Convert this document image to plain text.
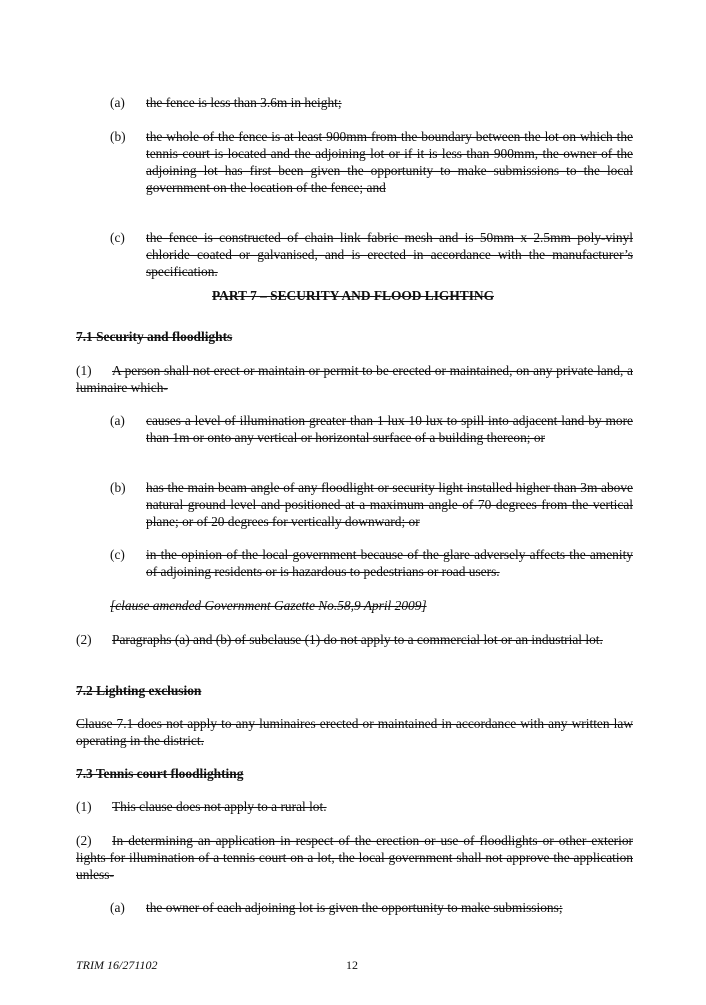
(a) the fence is less than 3.6m in height;
(b) the whole of the fence is at least 900mm from the boundary between the lot on which the tennis court is located and the adjoining lot or if it is less than 900mm, the owner of the adjoining lot has first been given the opportunity to make submissions to the local government on the location of the fence; and
(c) the fence is constructed of chain link fabric mesh and is 50mm x 2.5mm poly-vinyl chloride coated or galvanised, and is erected in accordance with the manufacturer’s specification.
PART 7 – SECURITY AND FLOOD LIGHTING
7.1 Security and floodlights
(1) A person shall not erect or maintain or permit to be erected or maintained, on any private land, a luminaire which-
(a) causes a level of illumination greater than 1 lux 10 lux to spill into adjacent land by more than 1m or onto any vertical or horizontal surface of a building thereon; or
(b) has the main beam angle of any floodlight or security light installed higher than 3m above natural ground level and positioned at a maximum angle of 70 degrees from the vertical plane; or of 20 degrees for vertically downward; or
(c) in the opinion of the local government because of the glare adversely affects the amenity of adjoining residents or is hazardous to pedestrians or road users.
[clause amended Government Gazette No.58,9 April 2009]
(2) Paragraphs (a) and (b) of subclause (1) do not apply to a commercial lot or an industrial lot.
7.2 Lighting exclusion
Clause 7.1 does not apply to any luminaires erected or maintained in accordance with any written law operating in the district.
7.3 Tennis court floodlighting
(1) This clause does not apply to a rural lot.
(2) In determining an application in respect of the erection or use of floodlights or other exterior lights for illumination of a tennis court on a lot, the local government shall not approve the application unless-
(a) the owner of each adjoining lot is given the opportunity to make submissions;
TRIM 16/271102	12
